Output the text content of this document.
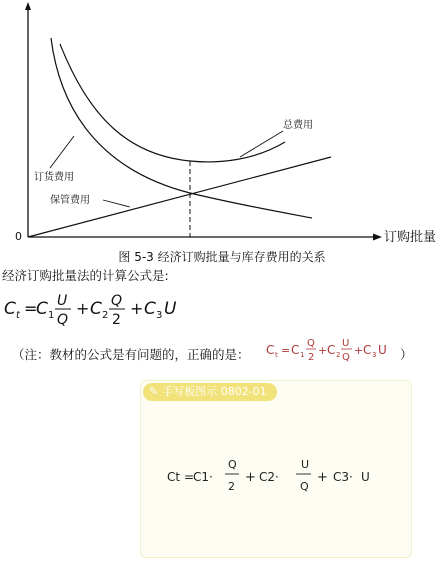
订购批量
0
总费用
订货费用
保管费用
图 5-3 经济订购批量与库存费用的关系
经济订购批量法的计算公式是:
C t =
C 1
U
Q
+ C 2
Q
2
+ C 3 U
（注：教材的公式是有问题的，正确的是： C t = C 1
Q
2
+ C 2
U
Q
+ C 3 U ）
✎ 手写板图示 0802-01
Ct =
C1 ·
Q
2
+ C2 ·
U
Q
+ C3 · U
